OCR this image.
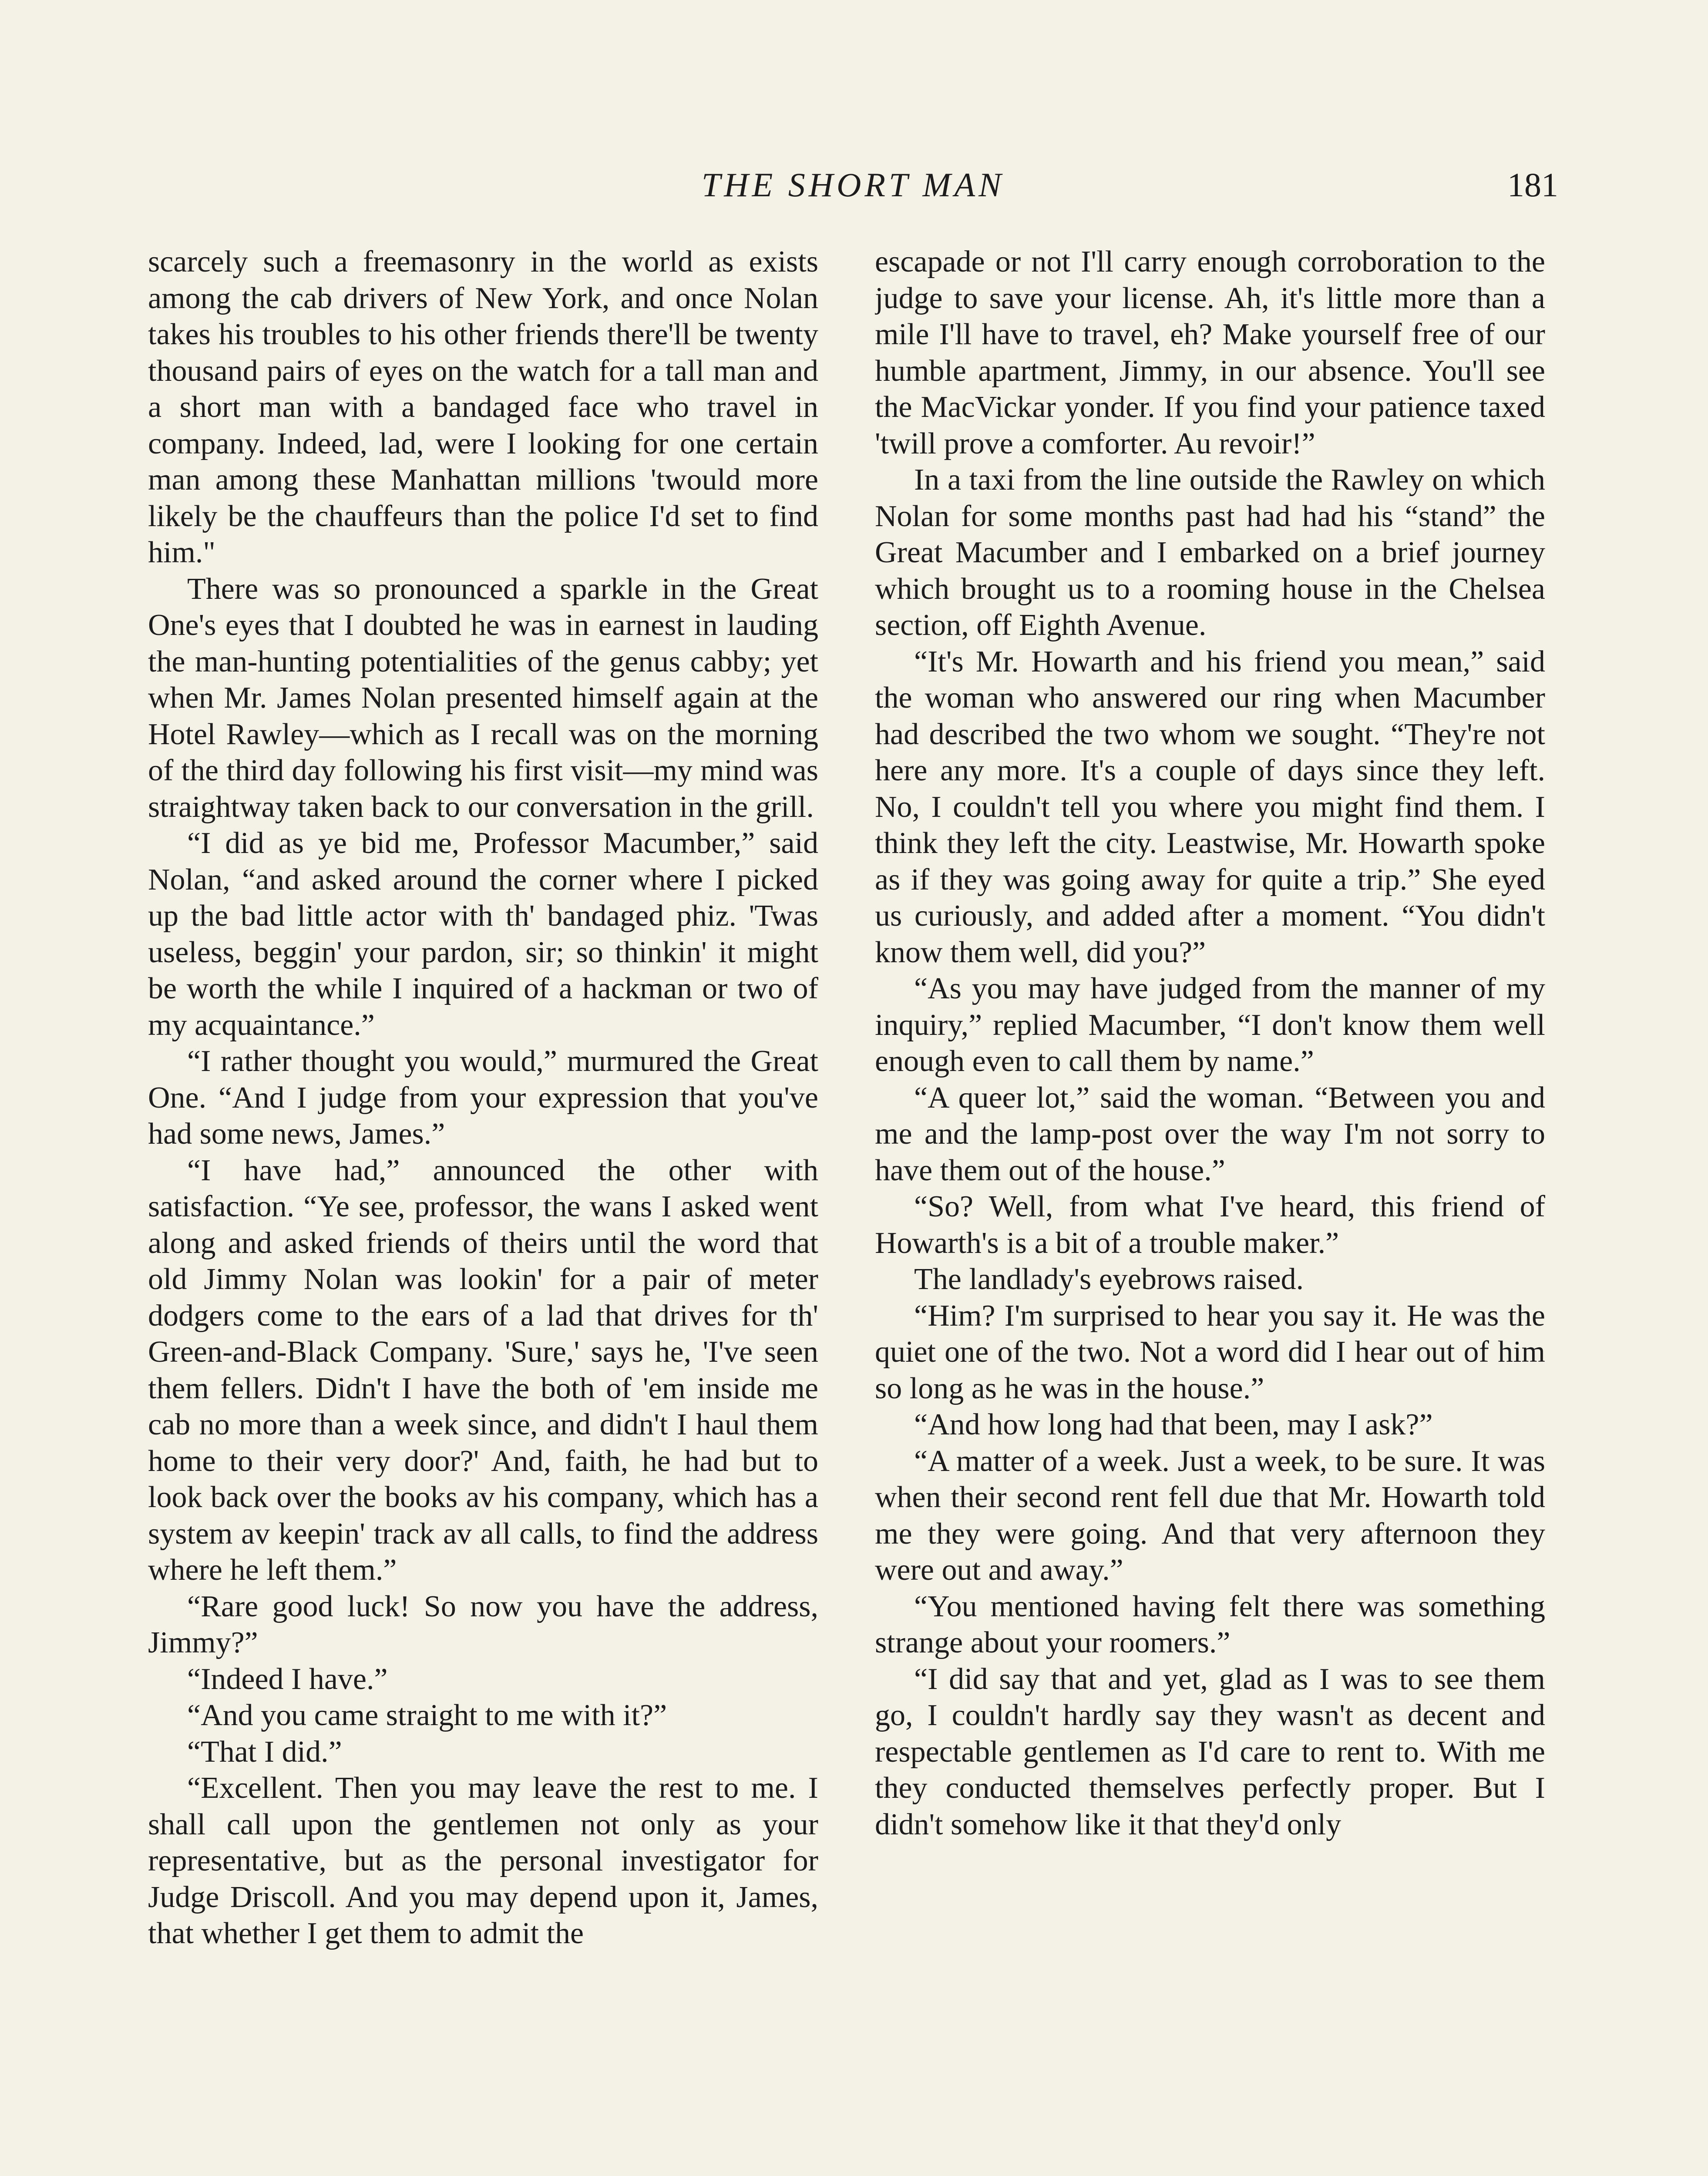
THE SHORT MAN	181

scarcely such a freemasonry in the world as exists among the cab drivers of New York, and once Nolan takes his troubles to his other friends there'll be twenty thousand pairs of eyes on the watch for a tall man and a short man with a bandaged face who travel in company. Indeed, lad, were I looking for one certain man among these Manhattan millions 'twould more likely be the chauffeurs than the police I'd set to find him."

There was so pronounced a sparkle in the Great One's eyes that I doubted he was in earnest in lauding the man-hunting potentialities of the genus cabby; yet when Mr. James Nolan presented himself again at the Hotel Rawley—which as I recall was on the morning of the third day following his first visit—my mind was straightway taken back to our conversation in the grill.

“I did as ye bid me, Professor Macumber,” said Nolan, “and asked around the corner where I picked up the bad little actor with th' bandaged phiz. 'Twas useless, beggin' your pardon, sir; so thinkin' it might be worth the while I inquired of a hackman or two of my acquaintance.”

“I rather thought you would,” murmured the Great One. “And I judge from your expression that you've had some news, James.”

“I have had,” announced the other with satisfaction. “Ye see, professor, the wans I asked went along and asked friends of theirs until the word that old Jimmy Nolan was lookin' for a pair of meter dodgers come to the ears of a lad that drives for th' Green-and-Black Company. 'Sure,' says he, 'I've seen them fellers. Didn't I have the both of 'em inside me cab no more than a week since, and didn't I haul them home to their very door?' And, faith, he had but to look back over the books av his company, which has a system av keepin' track av all calls, to find the address where he left them.”

“Rare good luck! So now you have the address, Jimmy?”

“Indeed I have.”

“And you came straight to me with it?”

“That I did.”

“Excellent. Then you may leave the rest to me. I shall call upon the gentlemen not only as your representative, but as the personal investigator for Judge Driscoll. And you may depend upon it, James, that whether I get them to admit the

escapade or not I'll carry enough corroboration to the judge to save your license. Ah, it's little more than a mile I'll have to travel, eh? Make yourself free of our humble apartment, Jimmy, in our absence. You'll see the MacVickar yonder. If you find your patience taxed 'twill prove a comforter. Au revoir!”

In a taxi from the line outside the Rawley on which Nolan for some months past had had his “stand” the Great Macumber and I embarked on a brief journey which brought us to a rooming house in the Chelsea section, off Eighth Avenue.

“It's Mr. Howarth and his friend you mean,” said the woman who answered our ring when Macumber had described the two whom we sought. “They're not here any more. It's a couple of days since they left. No, I couldn't tell you where you might find them. I think they left the city. Leastwise, Mr. Howarth spoke as if they was going away for quite a trip.” She eyed us curiously, and added after a moment. “You didn't know them well, did you?”

“As you may have judged from the manner of my inquiry,” replied Macumber, “I don't know them well enough even to call them by name.”

“A queer lot,” said the woman. “Between you and me and the lamp-post over the way I'm not sorry to have them out of the house.”

“So? Well, from what I've heard, this friend of Howarth's is a bit of a trouble maker.”

The landlady's eyebrows raised.

“Him? I'm surprised to hear you say it. He was the quiet one of the two. Not a word did I hear out of him so long as he was in the house.”

“And how long had that been, may I ask?”

“A matter of a week. Just a week, to be sure. It was when their second rent fell due that Mr. Howarth told me they were going. And that very afternoon they were out and away.”

“You mentioned having felt there was something strange about your roomers.”

“I did say that and yet, glad as I was to see them go, I couldn't hardly say they wasn't as decent and respectable gentlemen as I'd care to rent to. With me they conducted themselves perfectly proper. But I didn't somehow like it that they'd only
